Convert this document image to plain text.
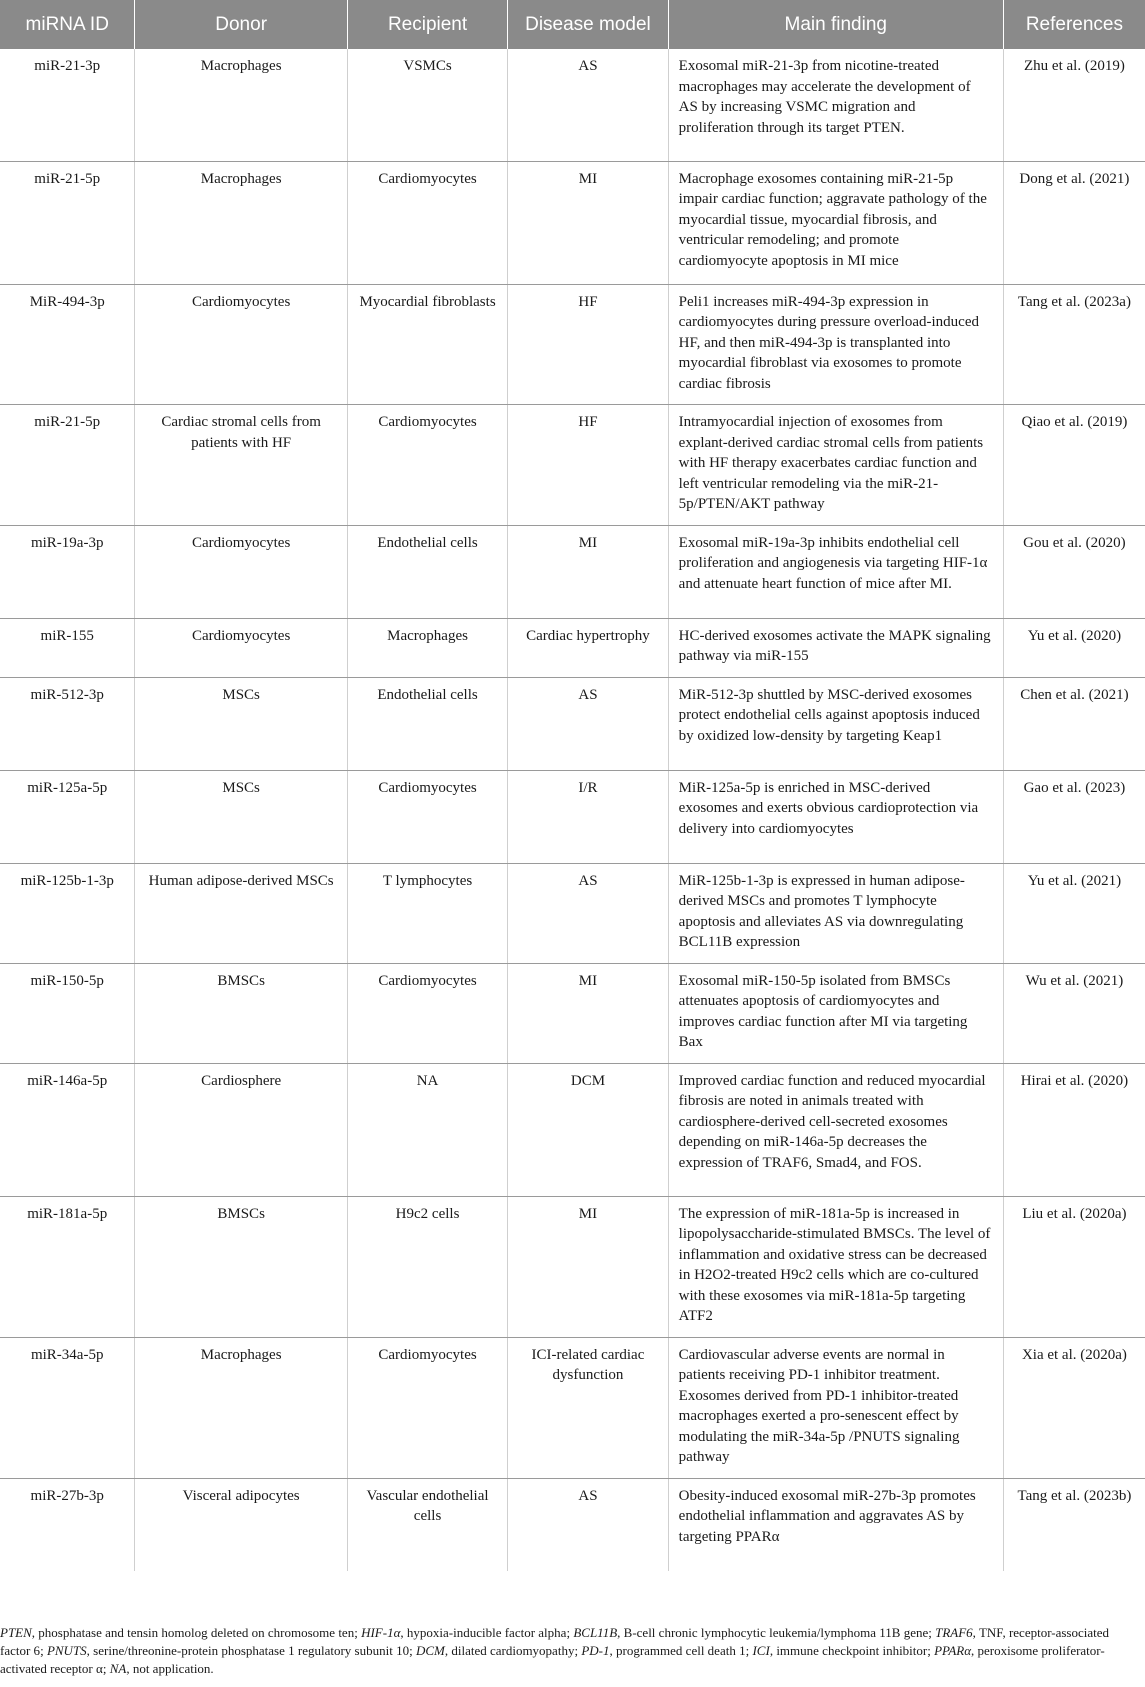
miRNA ID	Donor	Recipient	Disease model	Main finding	References
miR-21-3p	Macrophages	VSMCs	AS	Exosomal miR-21-3p from nicotine-treated macrophages may accelerate the development of AS by increasing VSMC migration and proliferation through its target PTEN.	Zhu et al. (2019)
miR-21-5p	Macrophages	Cardiomyocytes	MI	Macrophage exosomes containing miR-21-5p impair cardiac function; aggravate pathology of the myocardial tissue, myocardial fibrosis, and ventricular remodeling; and promote cardiomyocyte apoptosis in MI mice	Dong et al. (2021)
MiR-494-3p	Cardiomyocytes	Myocardial fibroblasts	HF	Peli1 increases miR-494-3p expression in cardiomyocytes during pressure overload-induced HF, and then miR-494-3p is transplanted into myocardial fibroblast via exosomes to promote cardiac fibrosis	Tang et al. (2023a)
miR-21-5p	Cardiac stromal cells from patients with HF	Cardiomyocytes	HF	Intramyocardial injection of exosomes from explant-derived cardiac stromal cells from patients with HF therapy exacerbates cardiac function and left ventricular remodeling via the miR-21-5p/PTEN/AKT pathway	Qiao et al. (2019)
miR-19a-3p	Cardiomyocytes	Endothelial cells	MI	Exosomal miR-19a-3p inhibits endothelial cell proliferation and angiogenesis via targeting HIF-1α and attenuate heart function of mice after MI.	Gou et al. (2020)
miR-155	Cardiomyocytes	Macrophages	Cardiac hypertrophy	HC-derived exosomes activate the MAPK signaling pathway via miR-155	Yu et al. (2020)
miR-512-3p	MSCs	Endothelial cells	AS	MiR-512-3p shuttled by MSC-derived exosomes protect endothelial cells against apoptosis induced by oxidized low-density by targeting Keap1	Chen et al. (2021)
miR-125a-5p	MSCs	Cardiomyocytes	I/R	MiR-125a-5p is enriched in MSC-derived exosomes and exerts obvious cardioprotection via delivery into cardiomyocytes	Gao et al. (2023)
miR-125b-1-3p	Human adipose-derived MSCs	T lymphocytes	AS	MiR-125b-1-3p is expressed in human adipose-derived MSCs and promotes T lymphocyte apoptosis and alleviates AS via downregulating BCL11B expression	Yu et al. (2021)
miR-150-5p	BMSCs	Cardiomyocytes	MI	Exosomal miR-150-5p isolated from BMSCs attenuates apoptosis of cardiomyocytes and improves cardiac function after MI via targeting Bax	Wu et al. (2021)
miR-146a-5p	Cardiosphere	NA	DCM	Improved cardiac function and reduced myocardial fibrosis are noted in animals treated with cardiosphere-derived cell-secreted exosomes depending on miR-146a-5p decreases the expression of TRAF6, Smad4, and FOS.	Hirai et al. (2020)
miR-181a-5p	BMSCs	H9c2 cells	MI	The expression of miR-181a-5p is increased in lipopolysaccharide-stimulated BMSCs. The level of inflammation and oxidative stress can be decreased in H2O2-treated H9c2 cells which are co-cultured with these exosomes via miR-181a-5p targeting ATF2	Liu et al. (2020a)
miR-34a-5p	Macrophages	Cardiomyocytes	ICI-related cardiac dysfunction	Cardiovascular adverse events are normal in patients receiving PD-1 inhibitor treatment. Exosomes derived from PD-1 inhibitor-treated macrophages exerted a pro-senescent effect by modulating the miR-34a-5p /PNUTS signaling pathway	Xia et al. (2020a)
miR-27b-3p	Visceral adipocytes	Vascular endothelial cells	AS	Obesity-induced exosomal miR-27b-3p promotes endothelial inflammation and aggravates AS by targeting PPARα	Tang et al. (2023b)

PTEN, phosphatase and tensin homolog deleted on chromosome ten; HIF-1α, hypoxia-inducible factor alpha; BCL11B, B-cell chronic lymphocytic leukemia/lymphoma 11B gene; TRAF6, TNF, receptor-associated factor 6; PNUTS, serine/threonine-protein phosphatase 1 regulatory subunit 10; DCM, dilated cardiomyopathy; PD-1, programmed cell death 1; ICI, immune checkpoint inhibitor; PPARα, peroxisome proliferator-activated receptor α; NA, not application.
